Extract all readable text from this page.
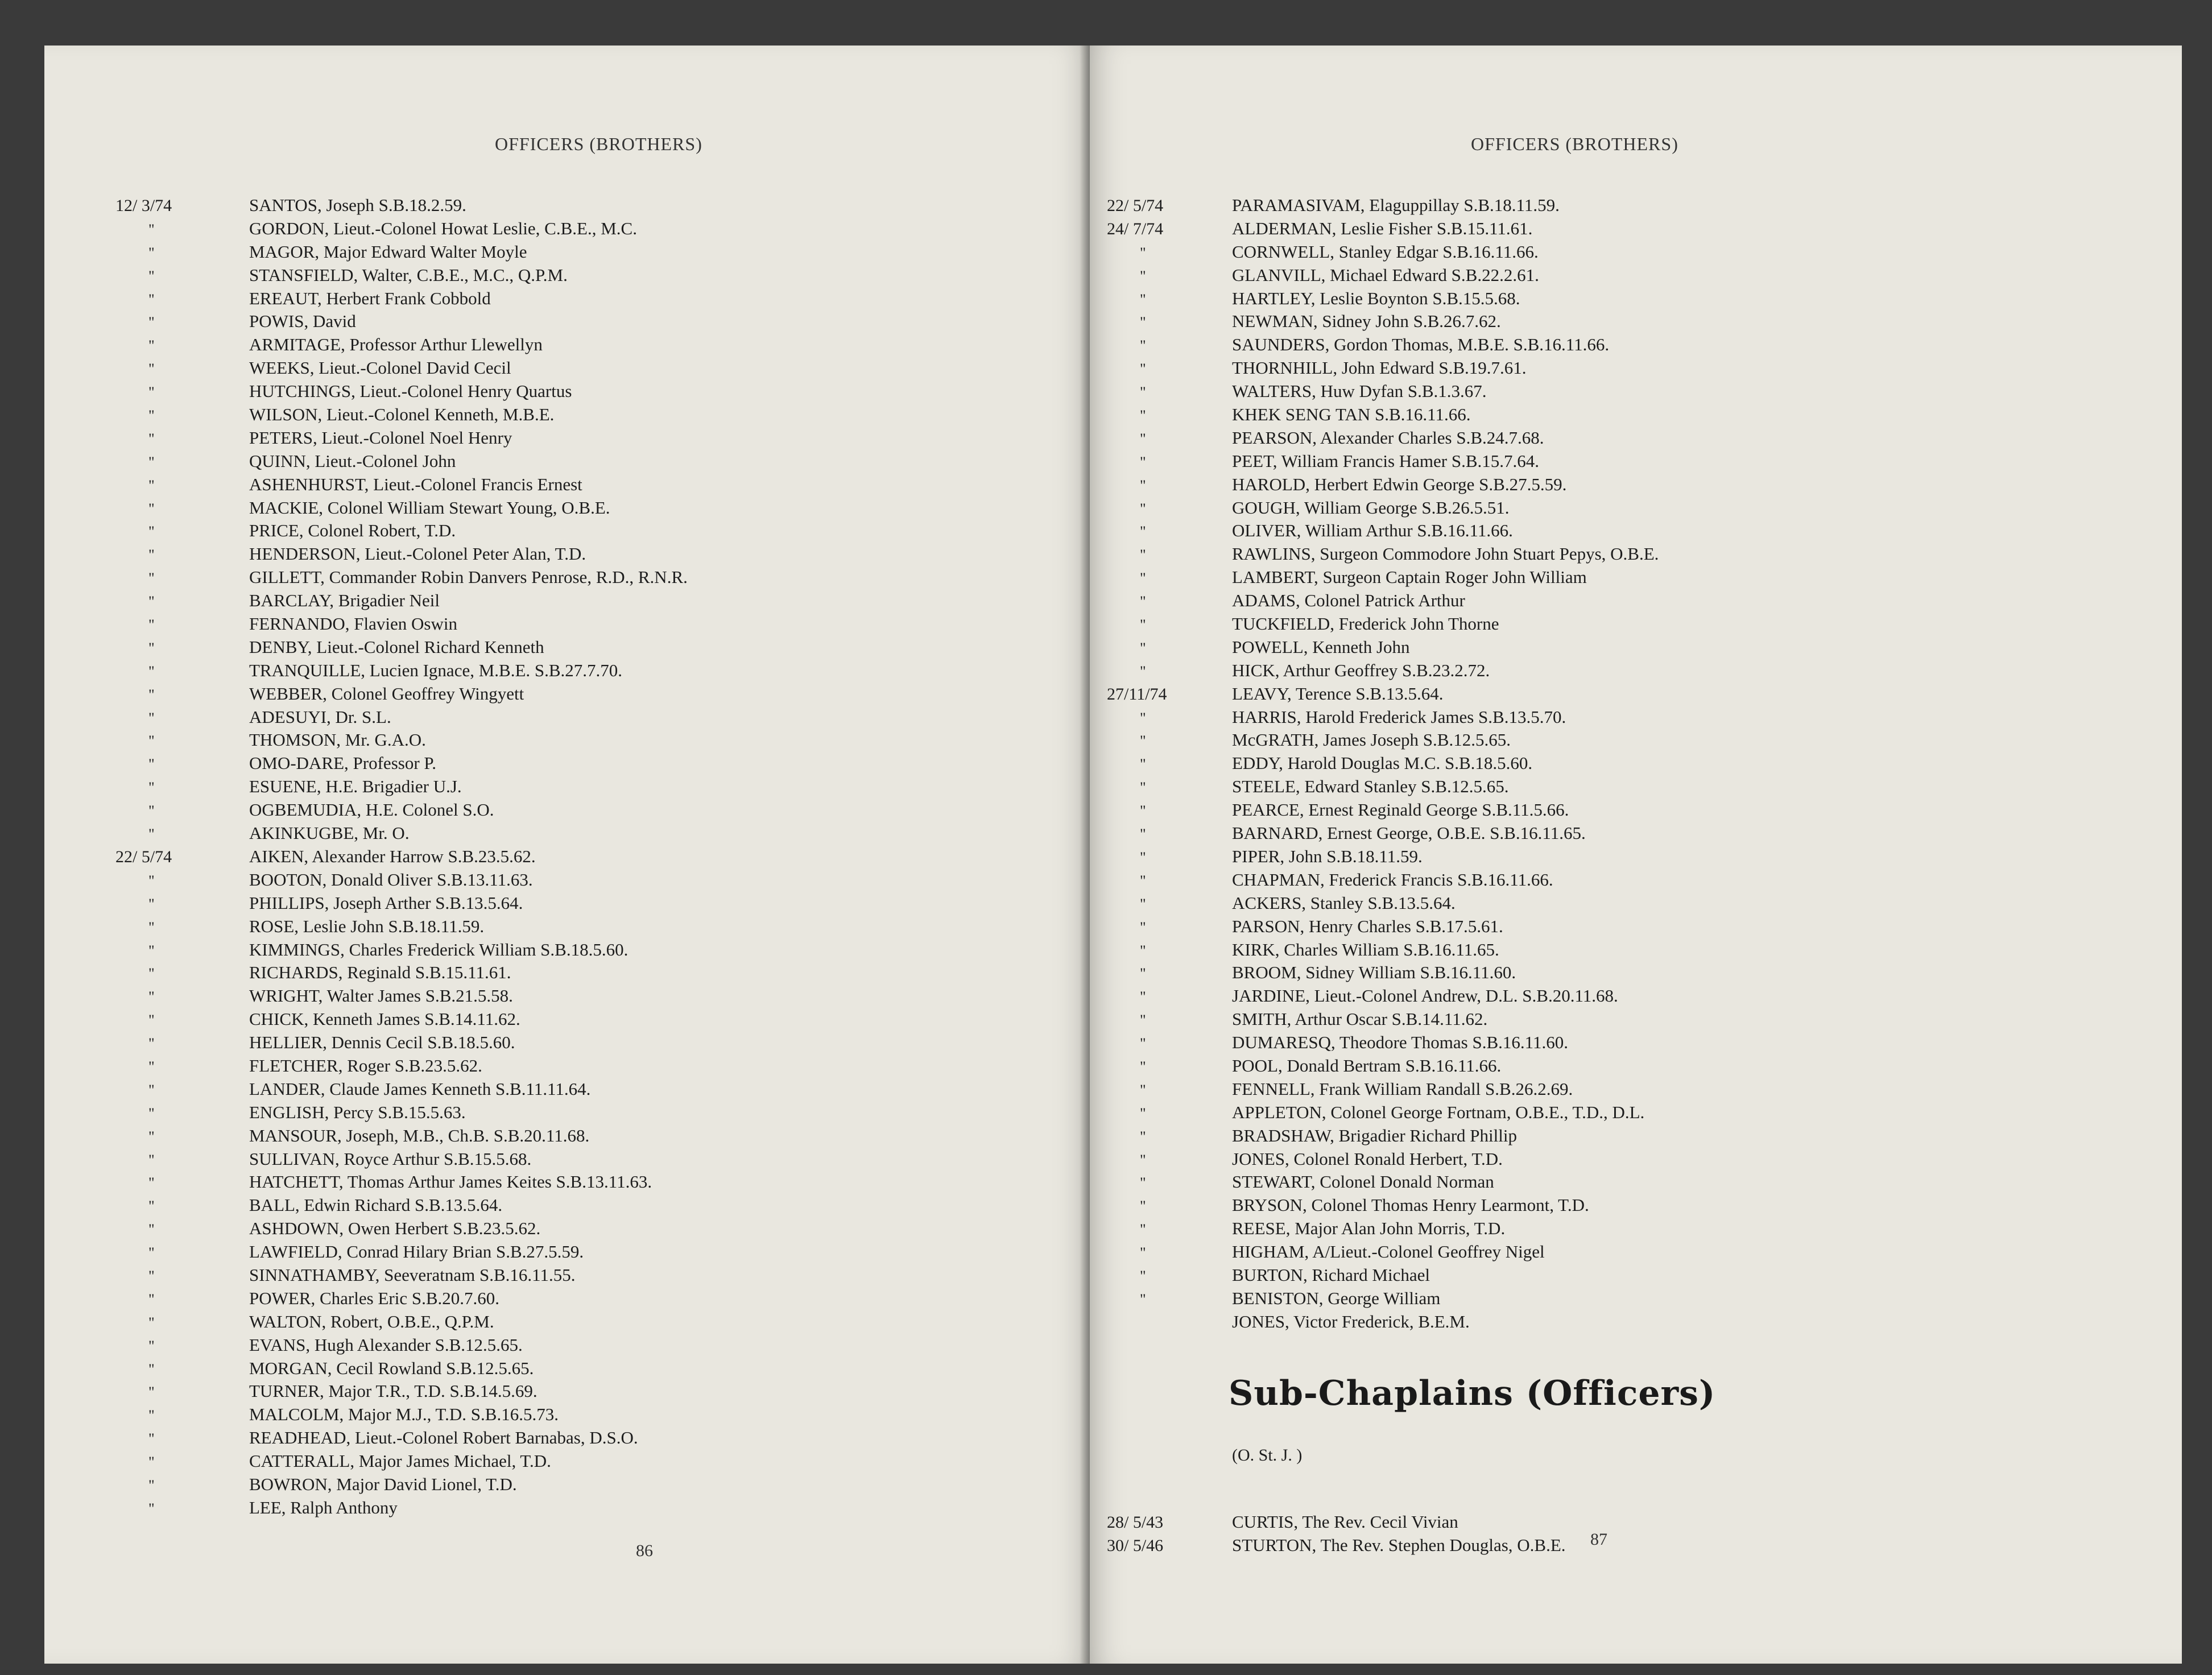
OFFICERS (BROTHERS)
12/ 3/74	SANTOS, Joseph S.B.18.2.59.
"	GORDON, Lieut.-Colonel Howat Leslie, C.B.E., M.C.
"	MAGOR, Major Edward Walter Moyle
"	STANSFIELD, Walter, C.B.E., M.C., Q.P.M.
"	EREAUT, Herbert Frank Cobbold
"	POWIS, David
"	ARMITAGE, Professor Arthur Llewellyn
"	WEEKS, Lieut.-Colonel David Cecil
"	HUTCHINGS, Lieut.-Colonel Henry Quartus
"	WILSON, Lieut.-Colonel Kenneth, M.B.E.
"	PETERS, Lieut.-Colonel Noel Henry
"	QUINN, Lieut.-Colonel John
"	ASHENHURST, Lieut.-Colonel Francis Ernest
"	MACKIE, Colonel William Stewart Young, O.B.E.
"	PRICE, Colonel Robert, T.D.
"	HENDERSON, Lieut.-Colonel Peter Alan, T.D.
"	GILLETT, Commander Robin Danvers Penrose, R.D., R.N.R.
"	BARCLAY, Brigadier Neil
"	FERNANDO, Flavien Oswin
"	DENBY, Lieut.-Colonel Richard Kenneth
"	TRANQUILLE, Lucien Ignace, M.B.E. S.B.27.7.70.
"	WEBBER, Colonel Geoffrey Wingyett
"	ADESUYI, Dr. S.L.
"	THOMSON, Mr. G.A.O.
"	OMO-DARE, Professor P.
"	ESUENE, H.E. Brigadier U.J.
"	OGBEMUDIA, H.E. Colonel S.O.
"	AKINKUGBE, Mr. O.
22/ 5/74	AIKEN, Alexander Harrow S.B.23.5.62.
"	BOOTON, Donald Oliver S.B.13.11.63.
"	PHILLIPS, Joseph Arther S.B.13.5.64.
"	ROSE, Leslie John S.B.18.11.59.
"	KIMMINGS, Charles Frederick William S.B.18.5.60.
"	RICHARDS, Reginald S.B.15.11.61.
"	WRIGHT, Walter James S.B.21.5.58.
"	CHICK, Kenneth James S.B.14.11.62.
"	HELLIER, Dennis Cecil S.B.18.5.60.
"	FLETCHER, Roger S.B.23.5.62.
"	LANDER, Claude James Kenneth S.B.11.11.64.
"	ENGLISH, Percy S.B.15.5.63.
"	MANSOUR, Joseph, M.B., Ch.B. S.B.20.11.68.
"	SULLIVAN, Royce Arthur S.B.15.5.68.
"	HATCHETT, Thomas Arthur James Keites S.B.13.11.63.
"	BALL, Edwin Richard S.B.13.5.64.
"	ASHDOWN, Owen Herbert S.B.23.5.62.
"	LAWFIELD, Conrad Hilary Brian S.B.27.5.59.
"	SINNATHAMBY, Seeveratnam S.B.16.11.55.
"	POWER, Charles Eric S.B.20.7.60.
"	WALTON, Robert, O.B.E., Q.P.M.
"	EVANS, Hugh Alexander S.B.12.5.65.
"	MORGAN, Cecil Rowland S.B.12.5.65.
"	TURNER, Major T.R., T.D. S.B.14.5.69.
"	MALCOLM, Major M.J., T.D. S.B.16.5.73.
"	READHEAD, Lieut.-Colonel Robert Barnabas, D.S.O.
"	CATTERALL, Major James Michael, T.D.
"	BOWRON, Major David Lionel, T.D.
"	LEE, Ralph Anthony
86
OFFICERS (BROTHERS)
22/ 5/74	PARAMASIVAM, Elaguppillay S.B.18.11.59.
24/ 7/74	ALDERMAN, Leslie Fisher S.B.15.11.61.
"	CORNWELL, Stanley Edgar S.B.16.11.66.
"	GLANVILL, Michael Edward S.B.22.2.61.
"	HARTLEY, Leslie Boynton S.B.15.5.68.
"	NEWMAN, Sidney John S.B.26.7.62.
"	SAUNDERS, Gordon Thomas, M.B.E. S.B.16.11.66.
"	THORNHILL, John Edward S.B.19.7.61.
"	WALTERS, Huw Dyfan S.B.1.3.67.
"	KHEK SENG TAN S.B.16.11.66.
"	PEARSON, Alexander Charles S.B.24.7.68.
"	PEET, William Francis Hamer S.B.15.7.64.
"	HAROLD, Herbert Edwin George S.B.27.5.59.
"	GOUGH, William George S.B.26.5.51.
"	OLIVER, William Arthur S.B.16.11.66.
"	RAWLINS, Surgeon Commodore John Stuart Pepys, O.B.E.
"	LAMBERT, Surgeon Captain Roger John William
"	ADAMS, Colonel Patrick Arthur
"	TUCKFIELD, Frederick John Thorne
"	POWELL, Kenneth John
"	HICK, Arthur Geoffrey S.B.23.2.72.
27/11/74	LEAVY, Terence S.B.13.5.64.
"	HARRIS, Harold Frederick James S.B.13.5.70.
"	McGRATH, James Joseph S.B.12.5.65.
"	EDDY, Harold Douglas M.C. S.B.18.5.60.
"	STEELE, Edward Stanley S.B.12.5.65.
"	PEARCE, Ernest Reginald George S.B.11.5.66.
"	BARNARD, Ernest George, O.B.E. S.B.16.11.65.
"	PIPER, John S.B.18.11.59.
"	CHAPMAN, Frederick Francis S.B.16.11.66.
"	ACKERS, Stanley S.B.13.5.64.
"	PARSON, Henry Charles S.B.17.5.61.
"	KIRK, Charles William S.B.16.11.65.
"	BROOM, Sidney William S.B.16.11.60.
"	JARDINE, Lieut.-Colonel Andrew, D.L. S.B.20.11.68.
"	SMITH, Arthur Oscar S.B.14.11.62.
"	DUMARESQ, Theodore Thomas S.B.16.11.60.
"	POOL, Donald Bertram S.B.16.11.66.
"	FENNELL, Frank William Randall S.B.26.2.69.
"	APPLETON, Colonel George Fortnam, O.B.E., T.D., D.L.
"	BRADSHAW, Brigadier Richard Phillip
"	JONES, Colonel Ronald Herbert, T.D.
"	STEWART, Colonel Donald Norman
"	BRYSON, Colonel Thomas Henry Learmont, T.D.
"	REESE, Major Alan John Morris, T.D.
"	HIGHAM, A/Lieut.-Colonel Geoffrey Nigel
"	BURTON, Richard Michael
"	BENISTON, George William
JONES, Victor Frederick, B.E.M.
Sub-Chaplains (Officers)
(O. St. J. )
28/ 5/43	CURTIS, The Rev. Cecil Vivian
30/ 5/46	STURTON, The Rev. Stephen Douglas, O.B.E. 87
